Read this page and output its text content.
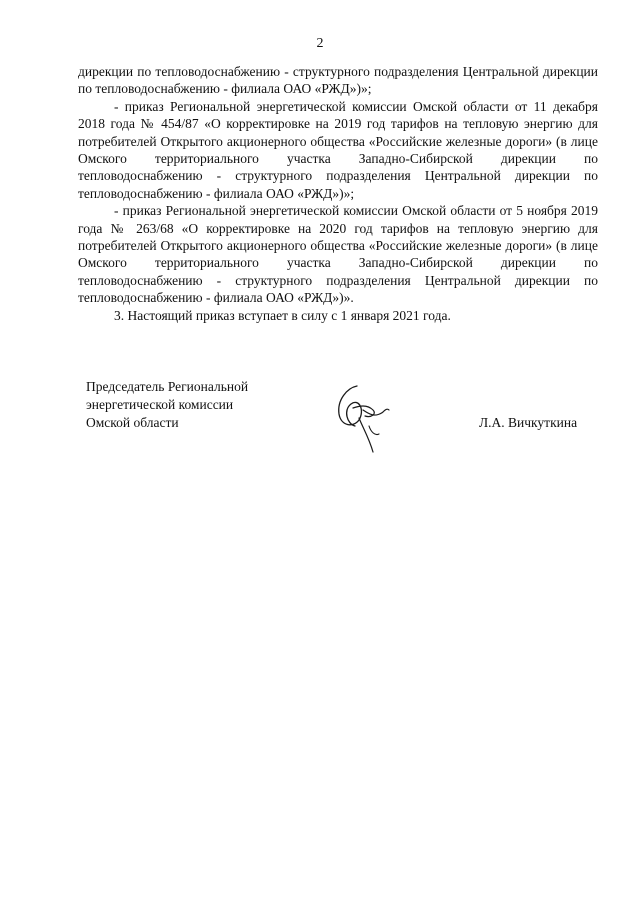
2

дирекции по тепловодоснабжению - структурного подразделения Центральной дирекции по тепловодоснабжению - филиала ОАО «РЖД»)»;

- приказ Региональной энергетической комиссии Омской области от 11 декабря 2018 года № 454/87 «О корректировке на 2019 год тарифов на тепловую энергию для потребителей Открытого акционерного общества «Российские железные дороги» (в лице Омского территориального участка Западно-Сибирской дирекции по тепловодоснабжению - структурного подразделения Центральной дирекции по тепловодоснабжению - филиала ОАО «РЖД»)»;

- приказ Региональной энергетической комиссии Омской области от 5 ноября 2019 года № 263/68 «О корректировке на 2020 год тарифов на тепловую энергию для потребителей Открытого акционерного общества «Российские железные дороги» (в лице Омского территориального участка Западно-Сибирской дирекции по тепловодоснабжению - структурного подразделения Центральной дирекции по тепловодоснабжению - филиала ОАО «РЖД»)».

3. Настоящий приказ вступает в силу с 1 января 2021 года.

Председатель Региональной
энергетической комиссии
Омской области	Л.А. Вичкуткина
